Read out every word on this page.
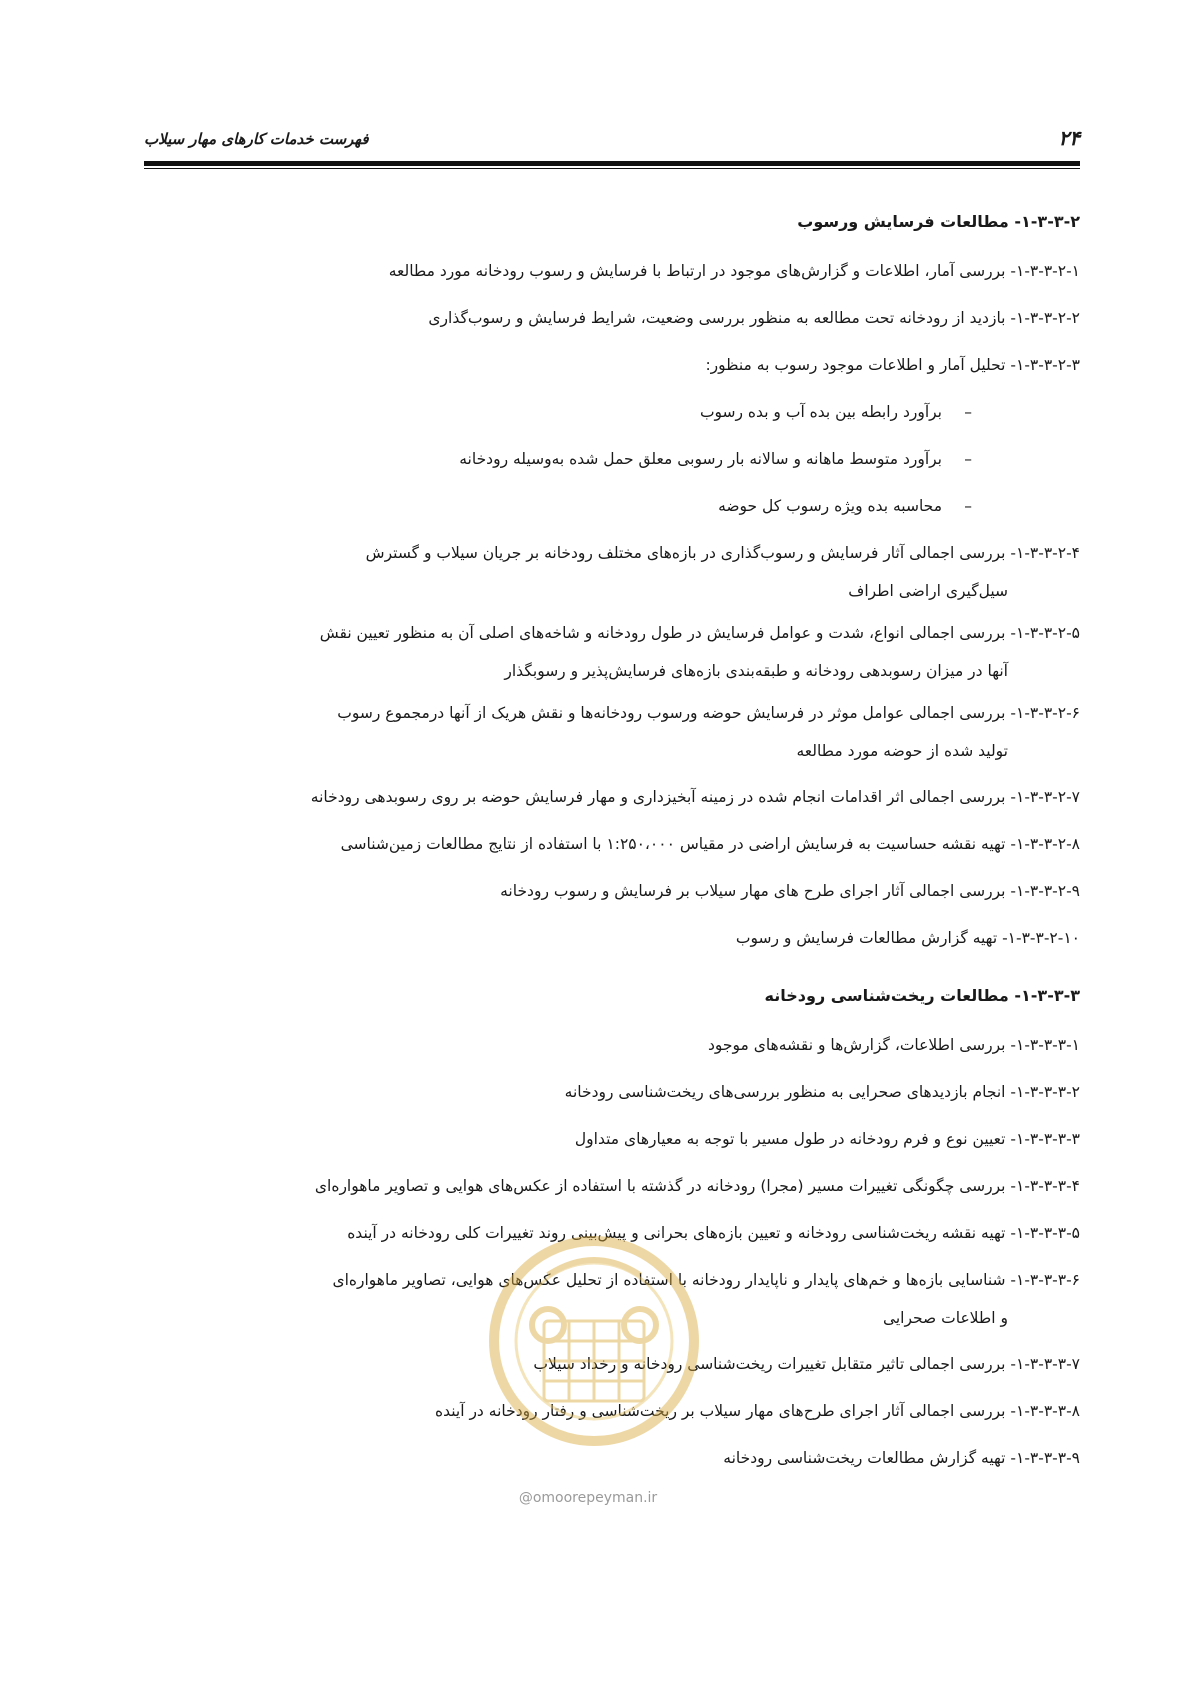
۲۴
فهرست خدمات کارهای مهار سیلاب

۱-۳-۳-۲- مطالعات فرسایش ورسوب

۱-۳-۳-۲-۱- بررسی آمار، اطلاعات و گزارش‌های موجود در ارتباط با فرسایش و رسوب رودخانه مورد مطالعه

۱-۳-۳-۲-۲- بازدید از رودخانه تحت مطالعه به منظور بررسی وضعیت، شرایط فرسایش و رسوب‌گذاری

۱-۳-۳-۲-۳- تحلیل آمار و اطلاعات موجود رسوب به منظور:

–برآورد رابطه بین بده آب و بده رسوب

–برآورد متوسط ماهانه و سالانه بار رسوبی معلق حمل شده به‌وسیله رودخانه

–محاسبه بده ویژه رسوب کل حوضه

۱-۳-۳-۲-۴- بررسی اجمالی آثار فرسایش و رسوب‌گذاری در بازه‌های مختلف رودخانه بر جریان سیلاب و گسترش
سیل‌گیری اراضی اطراف

۱-۳-۳-۲-۵- بررسی اجمالی انواع، شدت و عوامل فرسایش در طول رودخانه و شاخه‌های اصلی آن به منظور تعیین نقش
آنها در میزان رسوبدهی رودخانه و طبقه‌بندی بازه‌های فرسایش‌پذیر و رسوبگذار

۱-۳-۳-۲-۶- بررسی اجمالی عوامل موثر در فرسایش حوضه ورسوب رودخانه‌ها و نقش هریک از آنها درمجموع رسوب
تولید شده از حوضه مورد مطالعه

۱-۳-۳-۲-۷- بررسی اجمالی اثر اقدامات انجام شده در زمینه آبخیزداری و مهار فرسایش حوضه بر روی رسوبدهی رودخانه

۱-۳-۳-۲-۸- تهیه نقشه حساسیت به فرسایش اراضی در مقیاس ۱:۲۵۰،۰۰۰ با استفاده از نتایج مطالعات زمین‌شناسی

۱-۳-۳-۲-۹- بررسی اجمالی آثار اجرای طرح های مهار سیلاب بر فرسایش و رسوب رودخانه

۱-۳-۳-۲-۱۰- تهیه گزارش مطالعات فرسایش و رسوب

۱-۳-۳-۳- مطالعات ریخت‌شناسی رودخانه

۱-۳-۳-۳-۱- بررسی اطلاعات، گزارش‌ها و نقشه‌های موجود

۱-۳-۳-۳-۲- انجام بازدیدهای صحرایی به منظور بررسی‌های ریخت‌شناسی رودخانه

۱-۳-۳-۳-۳- تعیین نوع و فرم رودخانه در طول مسیر با توجه به معیارهای متداول

۱-۳-۳-۳-۴- بررسی چگونگی تغییرات مسیر (مجرا) رودخانه در گذشته با استفاده از عکس‌های هوایی و تصاویر ماهواره‌ای

۱-۳-۳-۳-۵- تهیه نقشه ریخت‌شناسی رودخانه و تعیین بازه‌های بحرانی و پیش‌بینی روند تغییرات کلی رودخانه در آینده

۱-۳-۳-۳-۶- شناسایی بازه‌ها و خم‌های پایدار و ناپایدار رودخانه با استفاده از تحلیل عکس‌های هوایی، تصاویر ماهواره‌ای
و اطلاعات صحرایی

۱-۳-۳-۳-۷- بررسی اجمالی تاثیر متقابل تغییرات ریخت‌شناسی رودخانه و رخداد سیلاب

۱-۳-۳-۳-۸- بررسی اجمالی آثار اجرای طرح‌های مهار سیلاب بر ریخت‌شناسی و رفتار رودخانه در آینده

۱-۳-۳-۳-۹- تهیه گزارش مطالعات ریخت‌شناسی رودخانه

@omoorepeyman.ir
